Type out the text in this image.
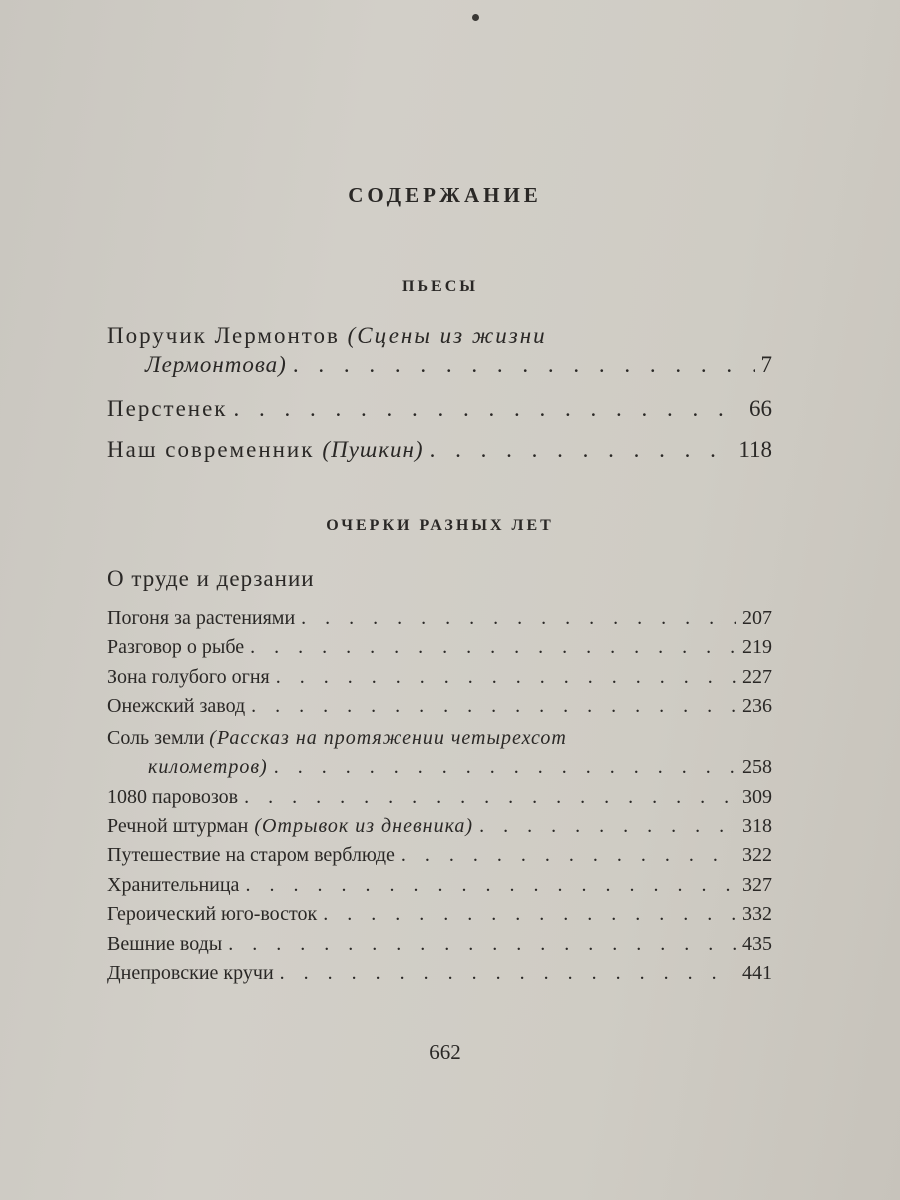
СОДЕРЖАНИЕ
ПЬЕСЫ
Поручик Лермонтов (Сцены из жизни
Лермонтова) . . .	7
Перстенек . . .	66
Наш современник (Пушкин) . . .	118
ОЧЕРКИ РАЗНЫХ ЛЕТ
О труде и дерзании
Погоня за растениями . . .	207
Разговор о рыбе . . .	219
Зона голубого огня . . .	227
Онежский завод . . .	236
Соль земли (Рассказ на протяжении четырехсот
километров) . . .	258
1080 паровозов . . .	309
Речной штурман (Отрывок из дневника) . . .	318
Путешествие на старом верблюде . . .	322
Хранительница . . .	327
Героический юго-восток . . .	332
Вешние воды . . .	435
Днепровские кручи . . .	441
662
